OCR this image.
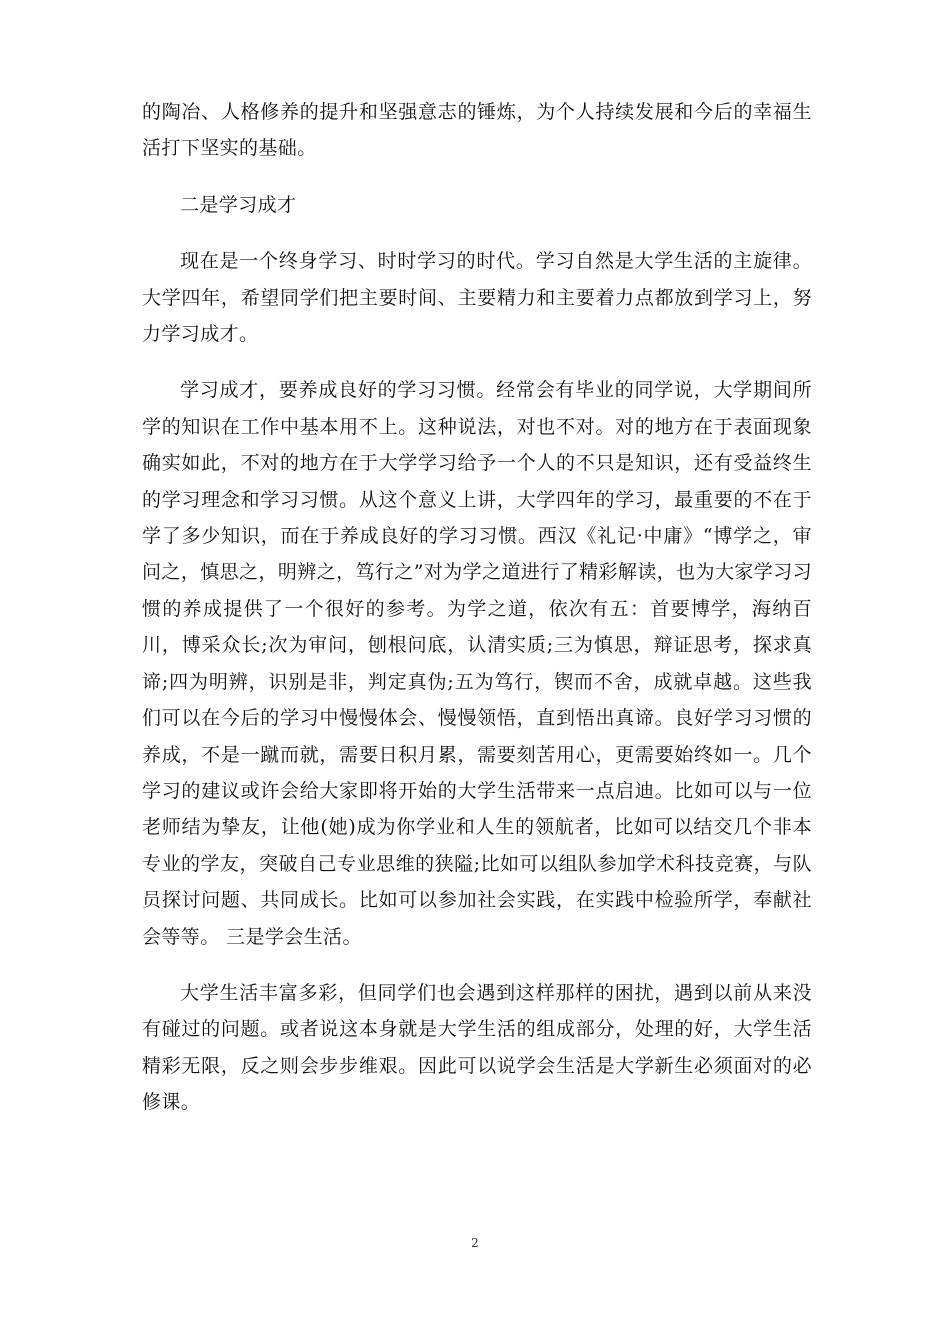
的陶冶、人格修养的提升和坚强意志的锤炼，为个人持续发展和今后的幸福生活打下坚实的基础。

二是学习成才

现在是一个终身学习、时时学习的时代。学习自然是大学生活的主旋律。大学四年，希望同学们把主要时间、主要精力和主要着力点都放到学习上，努力学习成才。

学习成才，要养成良好的学习习惯。经常会有毕业的同学说，大学期间所学的知识在工作中基本用不上。这种说法，对也不对。对的地方在于表面现象确实如此，不对的地方在于大学学习给予一个人的不只是知识，还有受益终生的学习理念和学习习惯。从这个意义上讲，大学四年的学习，最重要的不在于学了多少知识，而在于养成良好的学习习惯。西汉《礼记·中庸》“博学之，审问之，慎思之，明辨之，笃行之”对为学之道进行了精彩解读，也为大家学习习惯的养成提供了一个很好的参考。为学之道，依次有五：首要博学，海纳百川，博采众长;次为审问，刨根问底，认清实质;三为慎思，辩证思考，探求真谛;四为明辨，识别是非，判定真伪;五为笃行，锲而不舍，成就卓越。这些我们可以在今后的学习中慢慢体会、慢慢领悟，直到悟出真谛。良好学习习惯的养成，不是一蹴而就，需要日积月累，需要刻苦用心，更需要始终如一。几个学习的建议或许会给大家即将开始的大学生活带来一点启迪。比如可以与一位老师结为挚友，让他(她)成为你学业和人生的领航者，比如可以结交几个非本专业的学友，突破自己专业思维的狭隘;比如可以组队参加学术科技竞赛，与队员探讨问题、共同成长。比如可以参加社会实践，在实践中检验所学，奉献社会等等。 三是学会生活。

大学生活丰富多彩，但同学们也会遇到这样那样的困扰，遇到以前从来没有碰过的问题。或者说这本身就是大学生活的组成部分，处理的好，大学生活精彩无限，反之则会步步维艰。因此可以说学会生活是大学新生必须面对的必修课。

2
